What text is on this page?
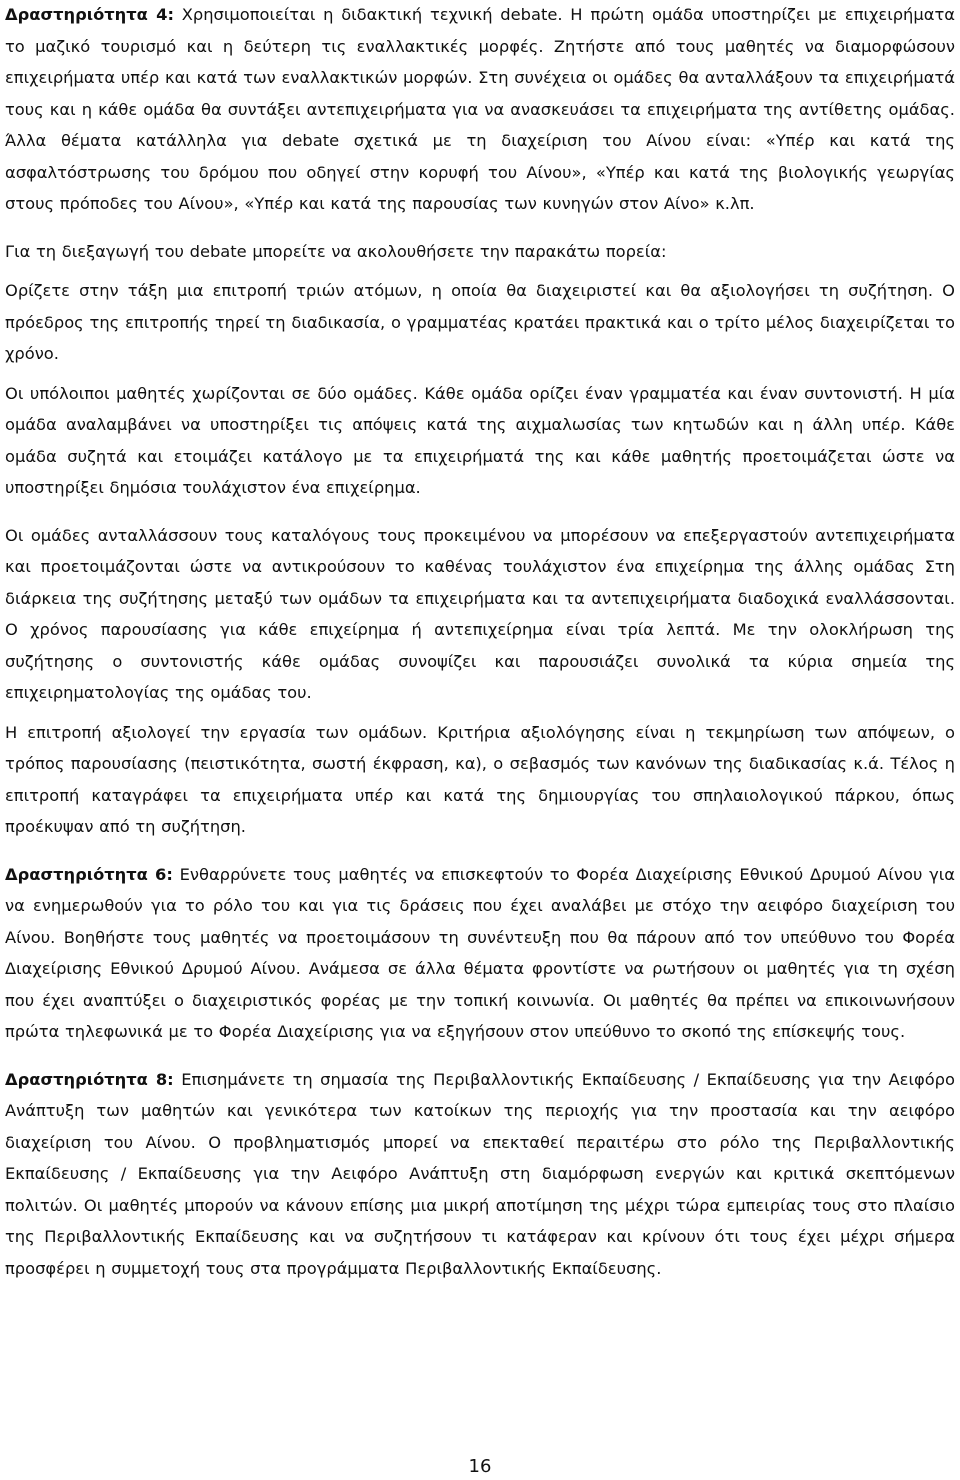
Δραστηριότητα 4: Χρησιμοποιείται η διδακτική τεχνική debate. Η πρώτη ομάδα υποστηρίζει με επιχειρήματα το μαζικό τουρισμό και η δεύτερη τις εναλλακτικές μορφές. Ζητήστε από τους μαθητές να διαμορφώσουν επιχειρήματα υπέρ και κατά των εναλλακτικών μορφών. Στη συνέχεια οι ομάδες θα ανταλλάξουν τα επιχειρήματά τους και η κάθε ομάδα θα συντάξει αντεπιχειρήματα για να ανασκευάσει τα επιχειρήματα της αντίθετης ομάδας. Άλλα θέματα κατάλληλα για debate σχετικά με τη διαχείριση του Αίνου είναι: «Υπέρ και κατά της ασφαλτόστρωσης του δρόμου που οδηγεί στην κορυφή του Αίνου», «Υπέρ και κατά της βιολογικής γεωργίας στους πρόποδες του Αίνου», «Υπέρ και κατά της παρουσίας των κυνηγών στον Αίνο» κ.λπ.

Για τη διεξαγωγή του debate μπορείτε να ακολουθήσετε την παρακάτω πορεία:

Ορίζετε στην τάξη μια επιτροπή τριών ατόμων, η οποία θα διαχειριστεί και θα αξιολογήσει τη συζήτηση. Ο πρόεδρος της επιτροπής τηρεί τη διαδικασία, ο γραμματέας κρατάει πρακτικά και ο τρίτο μέλος διαχειρίζεται το χρόνο.

Οι υπόλοιποι μαθητές χωρίζονται σε δύο ομάδες. Κάθε ομάδα ορίζει έναν γραμματέα και έναν συντονιστή. Η μία ομάδα αναλαμβάνει να υποστηρίξει τις απόψεις κατά της αιχμαλωσίας των κητωδών και η άλλη υπέρ. Κάθε ομάδα συζητά και ετοιμάζει κατάλογο με τα επιχειρήματά της και κάθε μαθητής προετοιμάζεται ώστε να υποστηρίξει δημόσια τουλάχιστον ένα επιχείρημα.

Οι ομάδες ανταλλάσσουν τους καταλόγους τους προκειμένου να μπορέσουν να επεξεργαστούν αντεπιχειρήματα και προετοιμάζονται ώστε να αντικρούσουν το καθένας τουλάχιστον ένα επιχείρημα της άλλης ομάδας Στη διάρκεια της συζήτησης μεταξύ των ομάδων τα επιχειρήματα και τα αντεπιχειρήματα διαδοχικά εναλλάσσονται. Ο χρόνος παρουσίασης για κάθε επιχείρημα ή αντεπιχείρημα είναι τρία λεπτά. Με την ολοκλήρωση της συζήτησης ο συντονιστής κάθε ομάδας συνοψίζει και παρουσιάζει συνολικά τα κύρια σημεία της επιχειρηματολογίας της ομάδας του.

Η επιτροπή αξιολογεί την εργασία των ομάδων. Κριτήρια αξιολόγησης είναι η τεκμηρίωση των απόψεων, ο τρόπος παρουσίασης (πειστικότητα, σωστή έκφραση, κα), ο σεβασμός των κανόνων της διαδικασίας κ.ά. Τέλος η επιτροπή καταγράφει τα επιχειρήματα υπέρ και κατά της δημιουργίας του σπηλαιολογικού πάρκου, όπως προέκυψαν από τη συζήτηση.

Δραστηριότητα 6: Ενθαρρύνετε τους μαθητές να επισκεφτούν το Φορέα Διαχείρισης Εθνικού Δρυμού Αίνου για να ενημερωθούν για το ρόλο του και για τις δράσεις που έχει αναλάβει με στόχο την αειφόρο διαχείριση του Αίνου. Βοηθήστε τους μαθητές να προετοιμάσουν τη συνέντευξη που θα πάρουν από τον υπεύθυνο του Φορέα Διαχείρισης Εθνικού Δρυμού Αίνου. Ανάμεσα σε άλλα θέματα φροντίστε να ρωτήσουν οι μαθητές για τη σχέση που έχει αναπτύξει ο διαχειριστικός φορέας με την τοπική κοινωνία. Οι μαθητές θα πρέπει να επικοινωνήσουν πρώτα τηλεφωνικά με το Φορέα Διαχείρισης για να εξηγήσουν στον υπεύθυνο το σκοπό της επίσκεψής τους.

Δραστηριότητα 8: Επισημάνετε τη σημασία της Περιβαλλοντικής Εκπαίδευσης / Εκπαίδευσης για την Αειφόρο Ανάπτυξη των μαθητών και γενικότερα των κατοίκων της περιοχής για την προστασία και την αειφόρο διαχείριση του Αίνου. Ο προβληματισμός μπορεί να επεκταθεί περαιτέρω στο ρόλο της Περιβαλλοντικής Εκπαίδευσης / Εκπαίδευσης για την Αειφόρο Ανάπτυξη στη διαμόρφωση ενεργών και κριτικά σκεπτόμενων πολιτών. Οι μαθητές μπορούν να κάνουν επίσης μια μικρή αποτίμηση της μέχρι τώρα εμπειρίας τους στο πλαίσιο της Περιβαλλοντικής Εκπαίδευσης και να συζητήσουν τι κατάφεραν και κρίνουν ότι τους έχει μέχρι σήμερα προσφέρει η συμμετοχή τους στα προγράμματα Περιβαλλοντικής Εκπαίδευσης.

16
